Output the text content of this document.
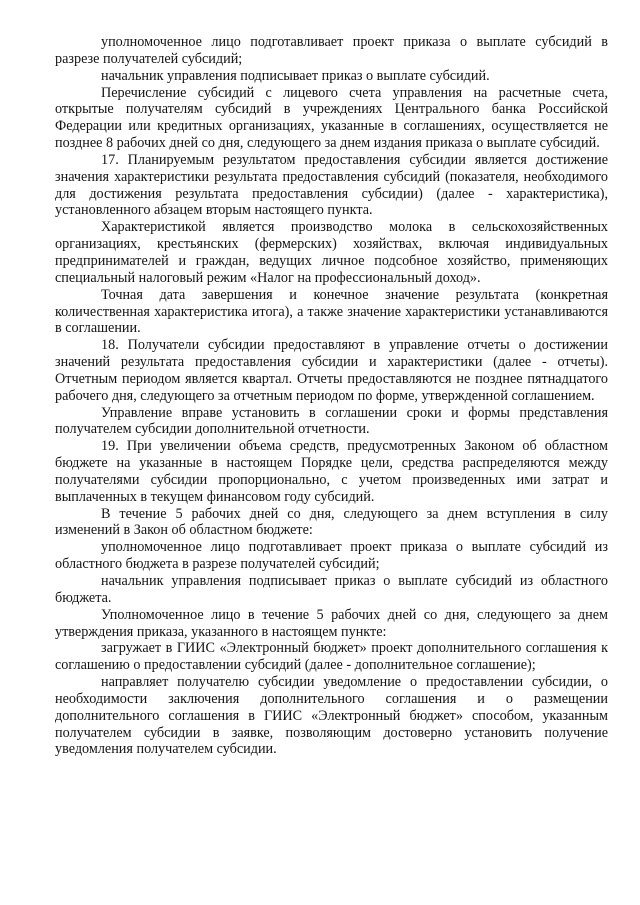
уполномоченное лицо подготавливает проект приказа о выплате субсидий в разрезе получателей субсидий;

начальник управления подписывает приказ о выплате субсидий.

Перечисление субсидий с лицевого счета управления на расчетные счета, открытые получателям субсидий в учреждениях Центрального банка Российской Федерации или кредитных организациях, указанные в соглашениях, осуществляется не позднее 8 рабочих дней со дня, следующего за днем издания приказа о выплате субсидий.

17. Планируемым результатом предоставления субсидии является достижение значения характеристики результата предоставления субсидий (показателя, необходимого для достижения результата предоставления субсидии) (далее - характеристика), установленного абзацем вторым настоящего пункта.

Характеристикой является производство молока в сельскохозяйственных организациях, крестьянских (фермерских) хозяйствах, включая индивидуальных предпринимателей и граждан, ведущих личное подсобное хозяйство, применяющих специальный налоговый режим «Налог на профессиональный доход».

Точная дата завершения и конечное значение результата (конкретная количественная характеристика итога), а также значение характеристики устанавливаются в соглашении.

18. Получатели субсидии предоставляют в управление отчеты о достижении значений результата предоставления субсидии и характеристики (далее - отчеты). Отчетным периодом является квартал. Отчеты предоставляются не позднее пятнадцатого рабочего дня, следующего за отчетным периодом по форме, утвержденной соглашением.

Управление вправе установить в соглашении сроки и формы представления получателем субсидии дополнительной отчетности.

19. При увеличении объема средств, предусмотренных Законом об областном бюджете на указанные в настоящем Порядке цели, средства распределяются между получателями субсидии пропорционально, с учетом произведенных ими затрат и выплаченных в текущем финансовом году субсидий.

В течение 5 рабочих дней со дня, следующего за днем вступления в силу изменений в Закон об областном бюджете:

уполномоченное лицо подготавливает проект приказа о выплате субсидий из областного бюджета в разрезе получателей субсидий;

начальник управления подписывает приказ о выплате субсидий из областного бюджета.

Уполномоченное лицо в течение 5 рабочих дней со дня, следующего за днем утверждения приказа, указанного в настоящем пункте:

загружает в ГИИС «Электронный бюджет» проект дополнительного соглашения к соглашению о предоставлении субсидий (далее - дополнительное соглашение);

направляет получателю субсидии уведомление о предоставлении субсидии, о необходимости заключения дополнительного соглашения и о размещении дополнительного соглашения в ГИИС «Электронный бюджет» способом, указанным получателем субсидии в заявке, позволяющим достоверно установить получение уведомления получателем субсидии.
